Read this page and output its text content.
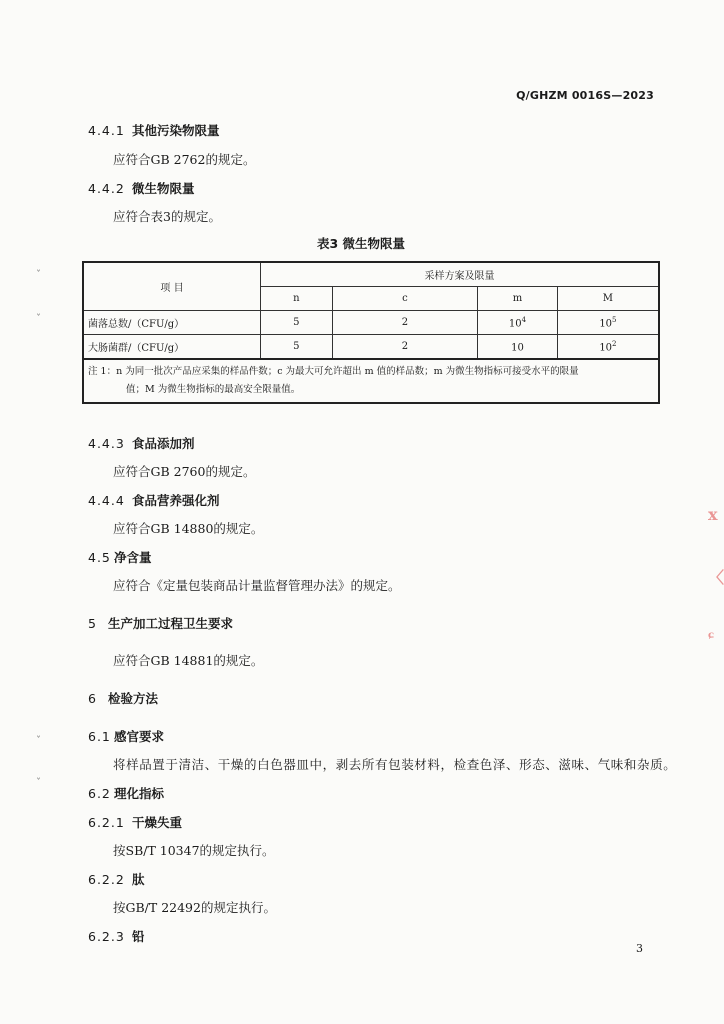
Q/GHZM 0016S—2023
4.4.1 其他污染物限量
应符合GB 2762的规定。
4.4.2 微生物限量
应符合表3的规定。
表3 微生物限量
项 目	采样方案及限量			
	n	c	m	M
菌落总数/（CFU/g）	5	2	$10^4$	$10^5$
大肠菌群/（CFU/g）	5	2	10	$10^2$
注 1：n 为同一批次产品应采集的样品件数；c 为最大可允许超出 m 值的样品数；m 为微生物指标可接受水平的限量
值；M 为微生物指标的最高安全限量值。				
4.4.3 食品添加剂
应符合GB 2760的规定。
4.4.4 食品营养强化剂
应符合GB 14880的规定。
4.5 净含量
应符合《定量包装商品计量监督管理办法》的规定。
5 生产加工过程卫生要求
应符合GB 14881的规定。
6 检验方法
6.1 感官要求
将样品置于清洁、干燥的白色器皿中，剥去所有包装材料，检查色泽、形态、滋味、气味和杂质。
6.2 理化指标
6.2.1 干燥失重
按SB/T 10347的规定执行。
6.2.2 肽
按GB/T 22492的规定执行。
6.2.3 铅
3
ⅹ
〈
ɕ
ˇ
ˇ
ˇ
ˇ
